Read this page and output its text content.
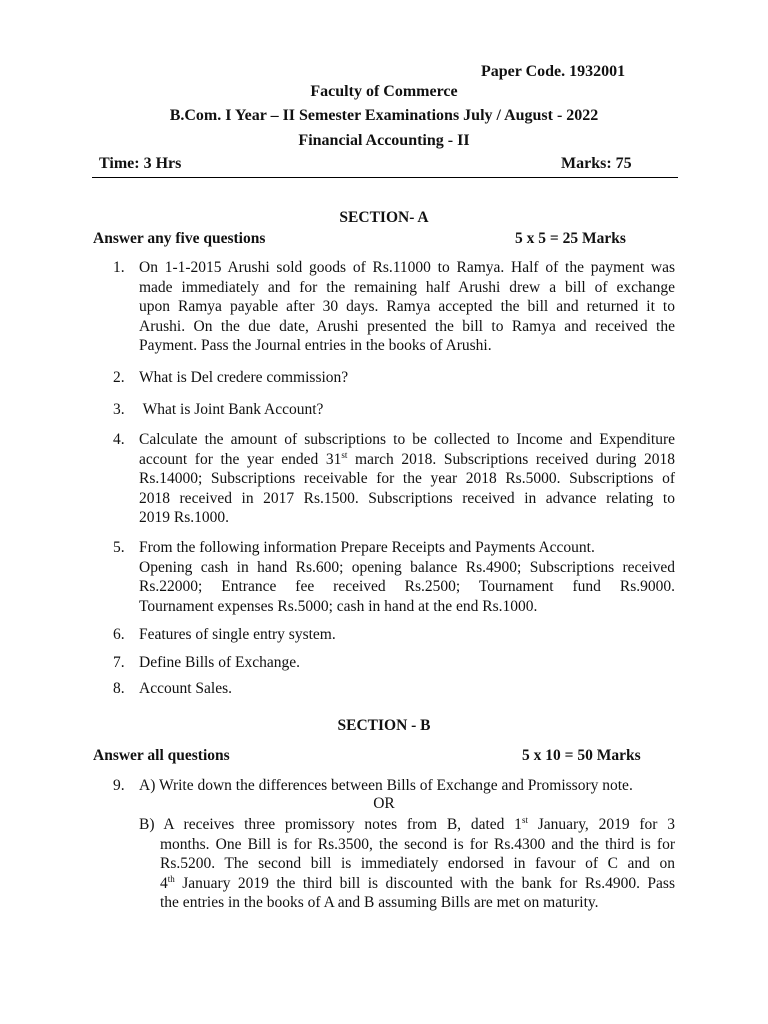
Paper Code. 1932001
Faculty of Commerce
B.Com. I Year – II Semester Examinations July / August - 2022
Financial Accounting - II
Time: 3 Hrs	Marks: 75
SECTION- A
Answer any five questions	5 x 5 = 25 Marks
1. On 1-1-2015 Arushi sold goods of Rs.11000 to Ramya. Half of the payment was
made immediately and for the remaining half Arushi drew a bill of exchange
upon Ramya payable after 30 days. Ramya accepted the bill and returned it to
Arushi. On the due date, Arushi presented the bill to Ramya and received the
Payment. Pass the Journal entries in the books of Arushi.
2. What is Del credere commission?
3. What is Joint Bank Account?
4. Calculate the amount of subscriptions to be collected to Income and Expenditure
account for the year ended 31st march 2018. Subscriptions received during 2018
Rs.14000; Subscriptions receivable for the year 2018 Rs.5000. Subscriptions of
2018 received in 2017 Rs.1500. Subscriptions received in advance relating to
2019 Rs.1000.
5. From the following information Prepare Receipts and Payments Account.
Opening cash in hand Rs.600; opening balance Rs.4900; Subscriptions received
Rs.22000; Entrance fee received Rs.2500; Tournament fund Rs.9000.
Tournament expenses Rs.5000; cash in hand at the end Rs.1000.
6. Features of single entry system.
7. Define Bills of Exchange.
8. Account Sales.
SECTION - B
Answer all questions	5 x 10 = 50 Marks
9. A) Write down the differences between Bills of Exchange and Promissory note.
OR
B) A receives three promissory notes from B, dated 1st January, 2019 for 3
months. One Bill is for Rs.3500, the second is for Rs.4300 and the third is for
Rs.5200. The second bill is immediately endorsed in favour of C and on
4th January 2019 the third bill is discounted with the bank for Rs.4900. Pass
the entries in the books of A and B assuming Bills are met on maturity.
